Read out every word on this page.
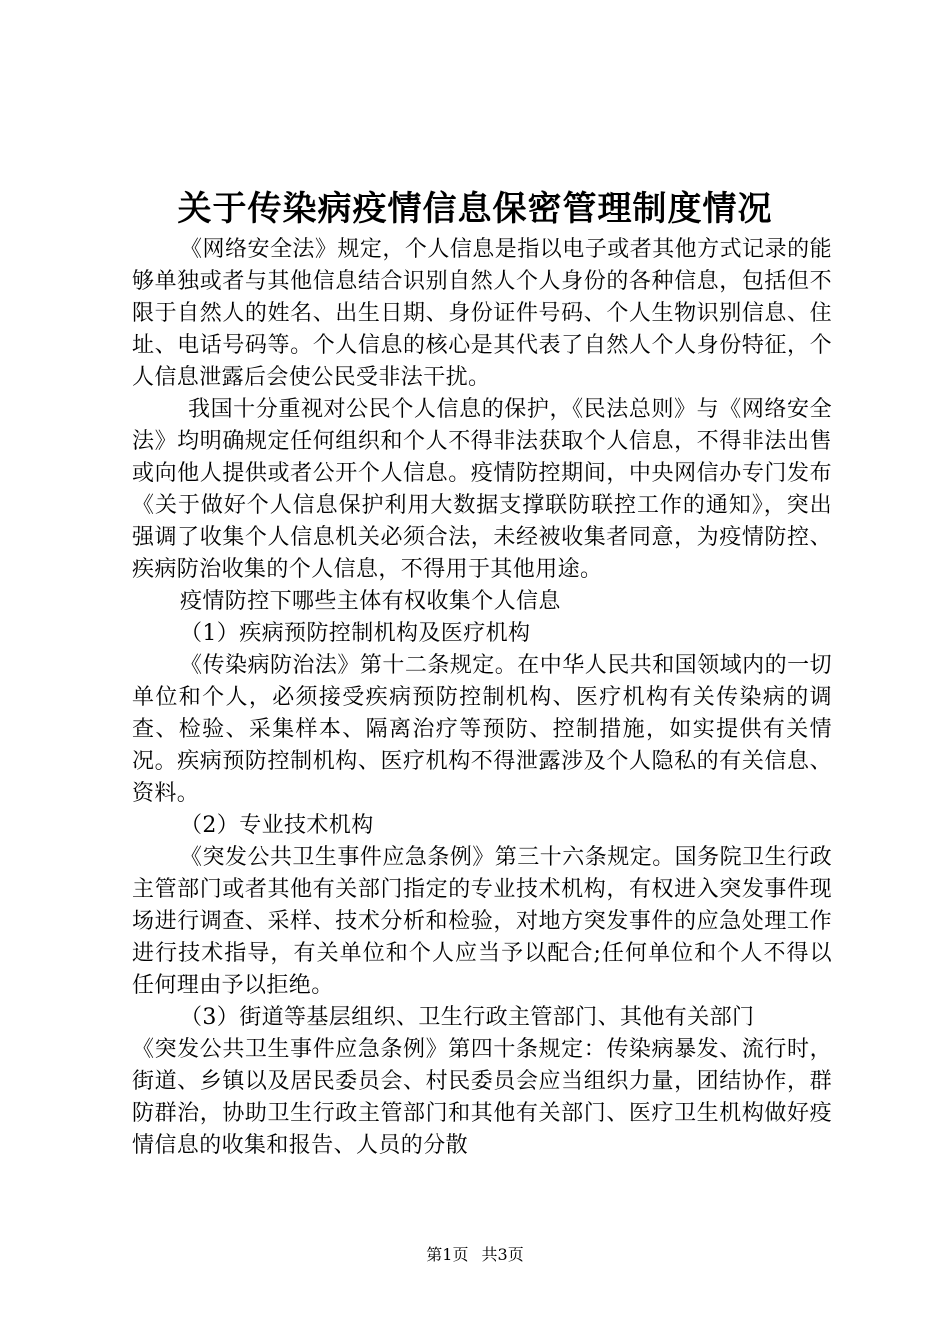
关于传染病疫情信息保密管理制度情况

《网络安全法》规定，个人信息是指以电子或者其他方式记录的能够单独或者与其他信息结合识别自然人个人身份的各种信息，包括但不限于自然人的姓名、出生日期、身份证件号码、个人生物识别信息、住址、电话号码等。个人信息的核心是其代表了自然人个人身份特征，个人信息泄露后会使公民受非法干扰。

我国十分重视对公民个人信息的保护，《民法总则》与《网络安全法》均明确规定任何组织和个人不得非法获取个人信息，不得非法出售或向他人提供或者公开个人信息。疫情防控期间，中央网信办专门发布《关于做好个人信息保护利用大数据支撑联防联控工作的通知》，突出强调了收集个人信息机关必须合法，未经被收集者同意，为疫情防控、疾病防治收集的个人信息，不得用于其他用途。

疫情防控下哪些主体有权收集个人信息

（1）疾病预防控制机构及医疗机构

《传染病防治法》第十二条规定。在中华人民共和国领域内的一切单位和个人，必须接受疾病预防控制机构、医疗机构有关传染病的调查、检验、采集样本、隔离治疗等预防、控制措施，如实提供有关情况。疾病预防控制机构、医疗机构不得泄露涉及个人隐私的有关信息、资料。

（2）专业技术机构

《突发公共卫生事件应急条例》第三十六条规定。国务院卫生行政主管部门或者其他有关部门指定的专业技术机构，有权进入突发事件现场进行调查、采样、技术分析和检验，对地方突发事件的应急处理工作进行技术指导，有关单位和个人应当予以配合;任何单位和个人不得以任何理由予以拒绝。

（3）街道等基层组织、卫生行政主管部门、其他有关部门

《突发公共卫生事件应急条例》第四十条规定：传染病暴发、流行时，街道、乡镇以及居民委员会、村民委员会应当组织力量，团结协作，群防群治，协助卫生行政主管部门和其他有关部门、医疗卫生机构做好疫情信息的收集和报告、人员的分散

第1页 共3页
